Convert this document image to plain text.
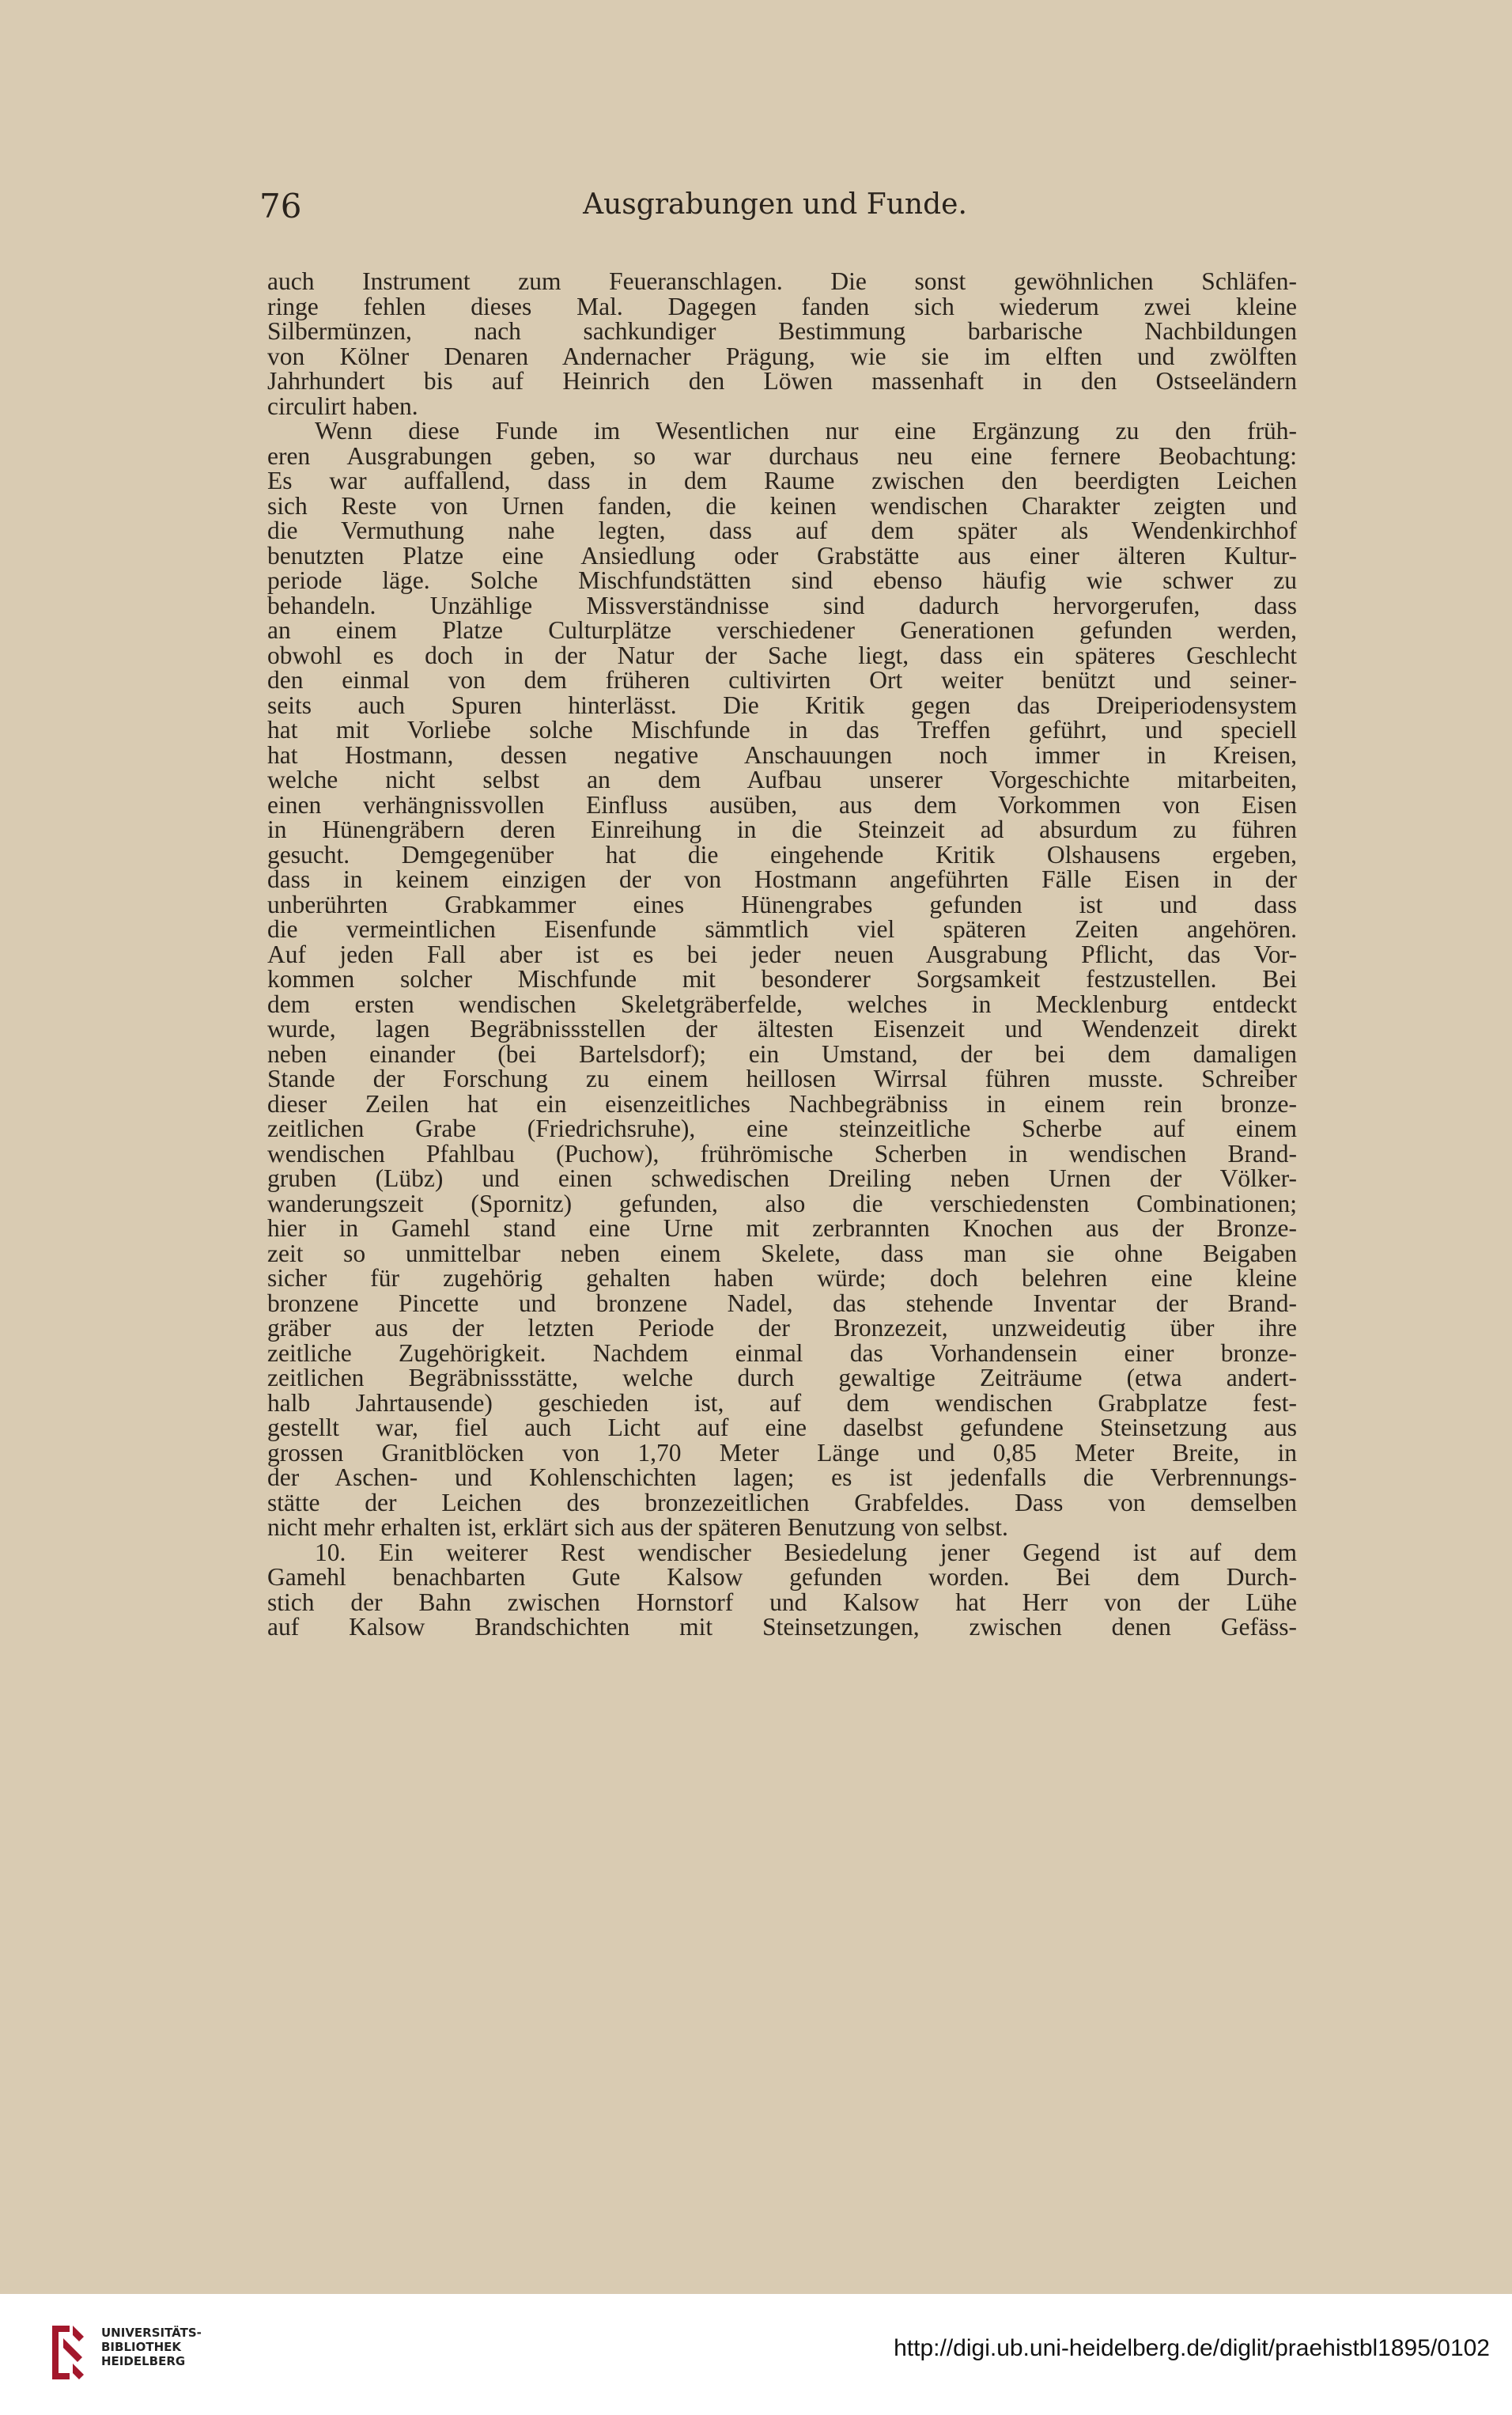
76	Ausgrabungen und Funde.
auch Instrument zum Feueranschlagen. Die sonst gewöhnlichen Schläfen-
ringe fehlen dieses Mal. Dagegen fanden sich wiederum zwei kleine
Silbermünzen, nach sachkundiger Bestimmung barbarische Nachbildungen
von Kölner Denaren Andernacher Prägung, wie sie im elften und zwölften
Jahrhundert bis auf Heinrich den Löwen massenhaft in den Ostseeländern
circulirt haben.
Wenn diese Funde im Wesentlichen nur eine Ergänzung zu den früh-
eren Ausgrabungen geben, so war durchaus neu eine fernere Beobachtung:
Es war auffallend, dass in dem Raume zwischen den beerdigten Leichen
sich Reste von Urnen fanden, die keinen wendischen Charakter zeigten und
die Vermuthung nahe legten, dass auf dem später als Wendenkirchhof
benutzten Platze eine Ansiedlung oder Grabstätte aus einer älteren Kultur-
periode läge. Solche Mischfundstätten sind ebenso häufig wie schwer zu
behandeln. Unzählige Missverständnisse sind dadurch hervorgerufen, dass
an einem Platze Culturplätze verschiedener Generationen gefunden werden,
obwohl es doch in der Natur der Sache liegt, dass ein späteres Geschlecht
den einmal von dem früheren cultivirten Ort weiter benützt und seiner-
seits auch Spuren hinterlässt. Die Kritik gegen das Dreiperiodensystem
hat mit Vorliebe solche Mischfunde in das Treffen geführt, und speciell
hat Hostmann, dessen negative Anschauungen noch immer in Kreisen,
welche nicht selbst an dem Aufbau unserer Vorgeschichte mitarbeiten,
einen verhängnissvollen Einfluss ausüben, aus dem Vorkommen von Eisen
in Hünengräbern deren Einreihung in die Steinzeit ad absurdum zu führen
gesucht. Demgegenüber hat die eingehende Kritik Olshausens ergeben,
dass in keinem einzigen der von Hostmann angeführten Fälle Eisen in der
unberührten Grabkammer eines Hünengrabes gefunden ist und dass
die vermeintlichen Eisenfunde sämmtlich viel späteren Zeiten angehören.
Auf jeden Fall aber ist es bei jeder neuen Ausgrabung Pflicht, das Vor-
kommen solcher Mischfunde mit besonderer Sorgsamkeit festzustellen. Bei
dem ersten wendischen Skeletgräberfelde, welches in Mecklenburg entdeckt
wurde, lagen Begräbnissstellen der ältesten Eisenzeit und Wendenzeit direkt
neben einander (bei Bartelsdorf); ein Umstand, der bei dem damaligen
Stande der Forschung zu einem heillosen Wirrsal führen musste. Schreiber
dieser Zeilen hat ein eisenzeitliches Nachbegräbniss in einem rein bronze-
zeitlichen Grabe (Friedrichsruhe), eine steinzeitliche Scherbe auf einem
wendischen Pfahlbau (Puchow), frührömische Scherben in wendischen Brand-
gruben (Lübz) und einen schwedischen Dreiling neben Urnen der Völker-
wanderungszeit (Spornitz) gefunden, also die verschiedensten Combinationen;
hier in Gamehl stand eine Urne mit zerbrannten Knochen aus der Bronze-
zeit so unmittelbar neben einem Skelete, dass man sie ohne Beigaben
sicher für zugehörig gehalten haben würde; doch belehren eine kleine
bronzene Pincette und bronzene Nadel, das stehende Inventar der Brand-
gräber aus der letzten Periode der Bronzezeit, unzweideutig über ihre
zeitliche Zugehörigkeit. Nachdem einmal das Vorhandensein einer bronze-
zeitlichen Begräbnissstätte, welche durch gewaltige Zeiträume (etwa andert-
halb Jahrtausende) geschieden ist, auf dem wendischen Grabplatze fest-
gestellt war, fiel auch Licht auf eine daselbst gefundene Steinsetzung aus
grossen Granitblöcken von 1,70 Meter Länge und 0,85 Meter Breite, in
der Aschen- und Kohlenschichten lagen; es ist jedenfalls die Verbrennungs-
stätte der Leichen des bronzezeitlichen Grabfeldes. Dass von demselben
nicht mehr erhalten ist, erklärt sich aus der späteren Benutzung von selbst.
10. Ein weiterer Rest wendischer Besiedelung jener Gegend ist auf dem
Gamehl benachbarten Gute Kalsow gefunden worden. Bei dem Durch-
stich der Bahn zwischen Hornstorf und Kalsow hat Herr von der Lühe
auf Kalsow Brandschichten mit Steinsetzungen, zwischen denen Gefäss-
UNIVERSITÄTS-
BIBLIOTHEK
HEIDELBERG	http://digi.ub.uni-heidelberg.de/diglit/praehistbl1895/0102
